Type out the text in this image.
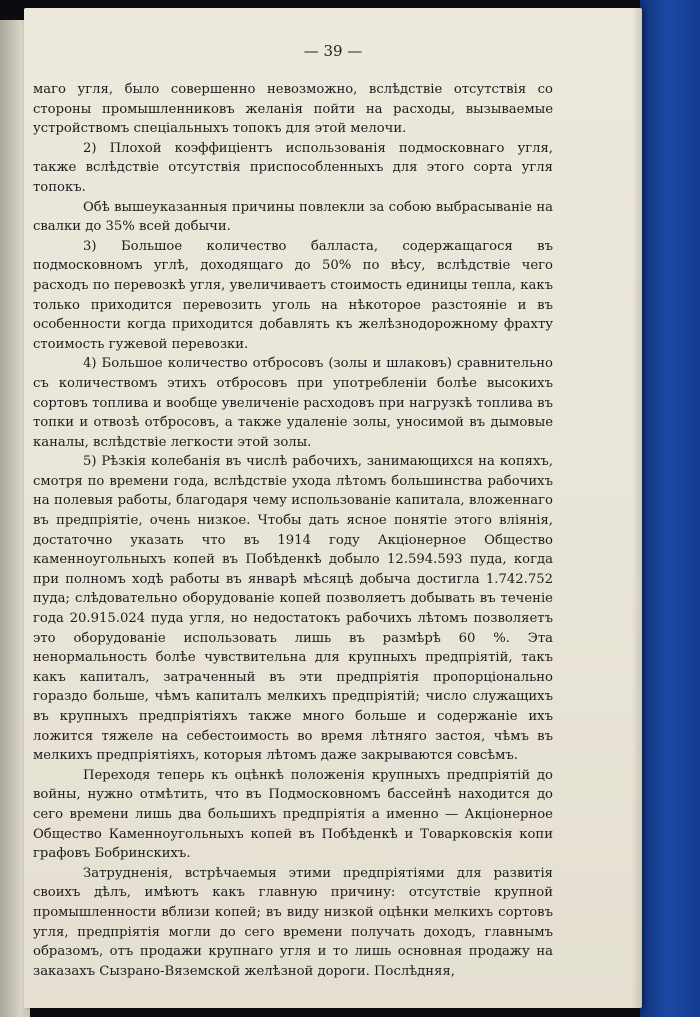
— 39 —

маго угля, было совершенно невозможно, вслѣдствіе отсутствія со стороны промышленниковъ желанія пойти на расходы, вызываемые устройствомъ спеціальныхъ топокъ для этой мелочи.

2) Плохой коэффиціентъ использованія подмосковнаго угля, также вслѣдствіе отсутствія приспособленныхъ для этого сорта угля топокъ.

Обѣ вышеуказанныя причины повлекли за собою выбрасываніе на свалки до 35% всей добычи.

3) Большое количество балласта, содержащагося въ подмосковномъ углѣ, доходящаго до 50% по вѣсу, вслѣдствіе чего расходъ по перевозкѣ угля, увеличиваетъ стоимость единицы тепла, какъ только приходится перевозить уголь на нѣкоторое разстояніе и въ особенности когда приходится добавлять къ желѣзнодорожному фрахту стоимость гужевой перевозки.

4) Большое количество отбросовъ (золы и шлаковъ) сравнительно съ количествомъ этихъ отбросовъ при употребленіи болѣе высокихъ сортовъ топлива и вообще увеличеніе расходовъ при нагрузкѣ топлива въ топки и отвозѣ отбросовъ, а также удаленіе золы, уносимой въ дымовые каналы, вслѣдствіе легкости этой золы.

5) Рѣзкія колебанія въ числѣ рабочихъ, занимающихся на копяхъ, смотря по времени года, вслѣдствіе ухода лѣтомъ большинства рабочихъ на полевыя работы, благодаря чему использованіе капитала, вложеннаго въ предпріятіе, очень низкое. Чтобы дать ясное понятіе этого вліянія, достаточно указать что въ 1914 году Акціонерное Общество каменноугольныхъ копей въ Побѣденкѣ добыло 12.594.593 пуда, когда при полномъ ходѣ работы въ январѣ мѣсяцѣ добыча достигла 1.742.752 пуда; слѣдовательно оборудованіе копей позволяетъ добывать въ теченіе года 20.915.024 пуда угля, но недостатокъ рабочихъ лѣтомъ позволяетъ это оборудованіе использовать лишь въ размѣрѣ 60 %. Эта ненормальность болѣе чувствительна для крупныхъ предпріятій, такъ какъ капиталъ, затраченный въ эти предпріятія пропорціонально гораздо больше, чѣмъ капиталъ мелкихъ предпріятій; число служащихъ въ крупныхъ предпріятіяхъ также много больше и содержаніе ихъ ложится тяжеле на себестоимость во время лѣтняго застоя, чѣмъ въ мелкихъ предпріятіяхъ, которыя лѣтомъ даже закрываются совсѣмъ.

Переходя теперь къ оцѣнкѣ положенія крупныхъ предпріятій до войны, нужно отмѣтить, что въ Подмосковномъ бассейнѣ находится до сего времени лишь два большихъ предпріятія а именно — Акціонерное Общество Каменноугольныхъ копей въ Побѣденкѣ и Товарковскія копи графовъ Бобринскихъ.

Затрудненія, встрѣчаемыя этими предпріятіями для развитія своихъ дѣлъ, имѣютъ какъ главную причину: отсутствіе крупной промышленности вблизи копей; въ виду низкой оцѣнки мелкихъ сортовъ угля, предпріятія могли до сего времени получать доходъ, главнымъ образомъ, отъ продажи крупнаго угля и то лишь основная продажу на заказахъ Сызрано-Вяземской желѣзной дороги. Послѣдняя,
